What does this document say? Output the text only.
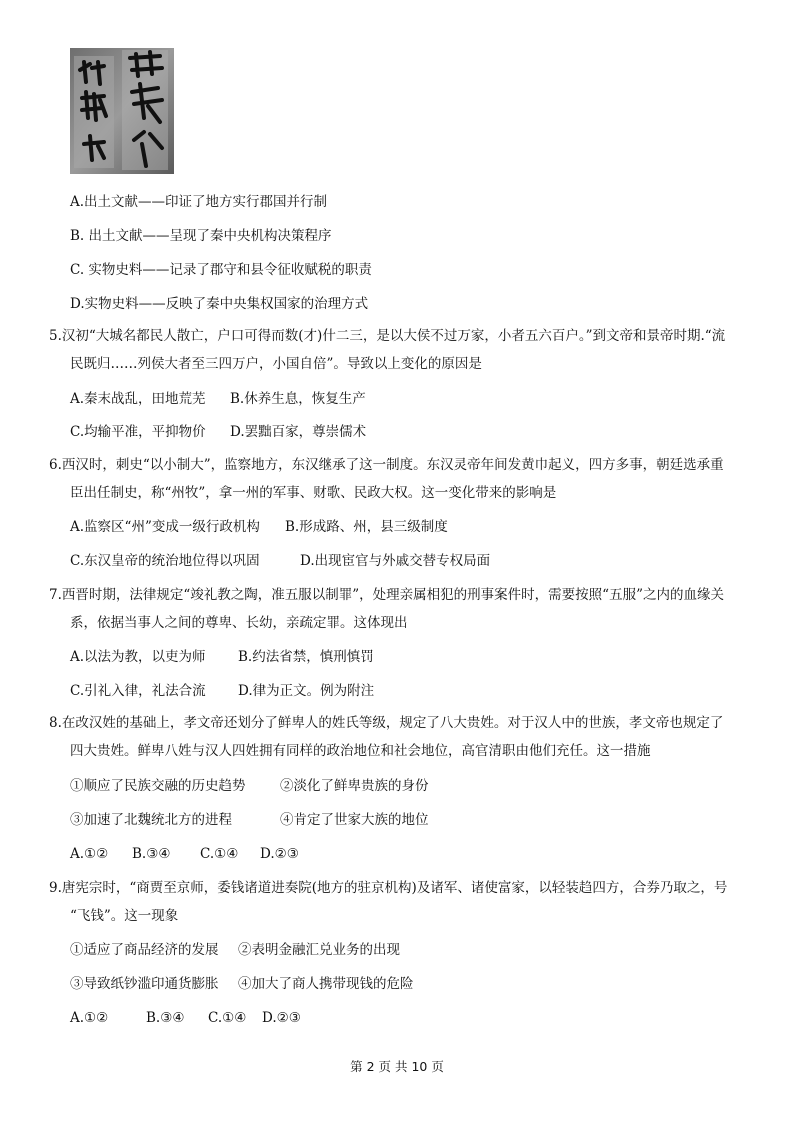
A.出土文献——印证了地方实行郡国并行制
B. 出土文献——呈现了秦中央机构决策程序
C. 实物史料——记录了郡守和县令征收赋税的职责
D.实物史料——反映了秦中央集权国家的治理方式
5.汉初“大城名都民人散亡，户口可得而数(才)什二三，是以大侯不过万家，小者五六百户。”到文帝和景帝时期.“流
民既归……列侯大者至三四万户，小国自倍”。导致以上变化的原因是
A.秦末战乱，田地荒芜 B.休养生息，恢复生产
C.均输平准，平抑物价 D.罢黜百家，尊崇儒术
6.西汉时，刺史“以小制大”，监察地方，东汉继承了这一制度。东汉灵帝年间发黄巾起义，四方多事，朝廷选承重
臣出任制史，称“州牧”，拿一州的军事、财歌、民政大权。这一变化带来的影响是
A.监察区“州”变成一级行政机构 B.形成路、州，县三级制度
C.东汉皇帝的统治地位得以巩固	D.出现宦官与外戚交替专权局面
7.西晋时期，法律规定“竣礼教之陶，准五服以制罪”，处理亲属相犯的刑事案件时，需要按照“五服”之内的血缘关
系，依据当事人之间的尊卑、长幼，亲疏定罪。这体现出
A.以法为教，以吏为师 B.约法省禁，慎刑慎罚
C.引礼入律，礼法合流 D.律为正文。例为附注
8.在改汉姓的基础上，孝文帝还划分了鲜卑人的姓氏等级，规定了八大贵姓。对于汉人中的世族，孝文帝也规定了
四大贵姓。鲜卑八姓与汉人四姓拥有同样的政治地位和社会地位，高官清职由他们充任。这一措施
①顺应了民族交融的历史趋势	②淡化了鲜卑贵族的身份
③加速了北魏统北方的进程	④肯定了世家大族的地位
A.①② B.③④ C.①④ D.②③
9.唐宪宗时，“商贾至京师，委钱诸道进奏院(地方的驻京机构)及诸军、诸使富家，以轻装趋四方，合券乃取之，号
“飞钱”。这一现象
①适应了商品经济的发展 ②表明金融汇兑业务的出现
③导致纸钞滥印通货膨胀 ④加大了商人携带现钱的危险
A.①②	B.③④ C.①④ D.②③
第 2 页 共 10 页
